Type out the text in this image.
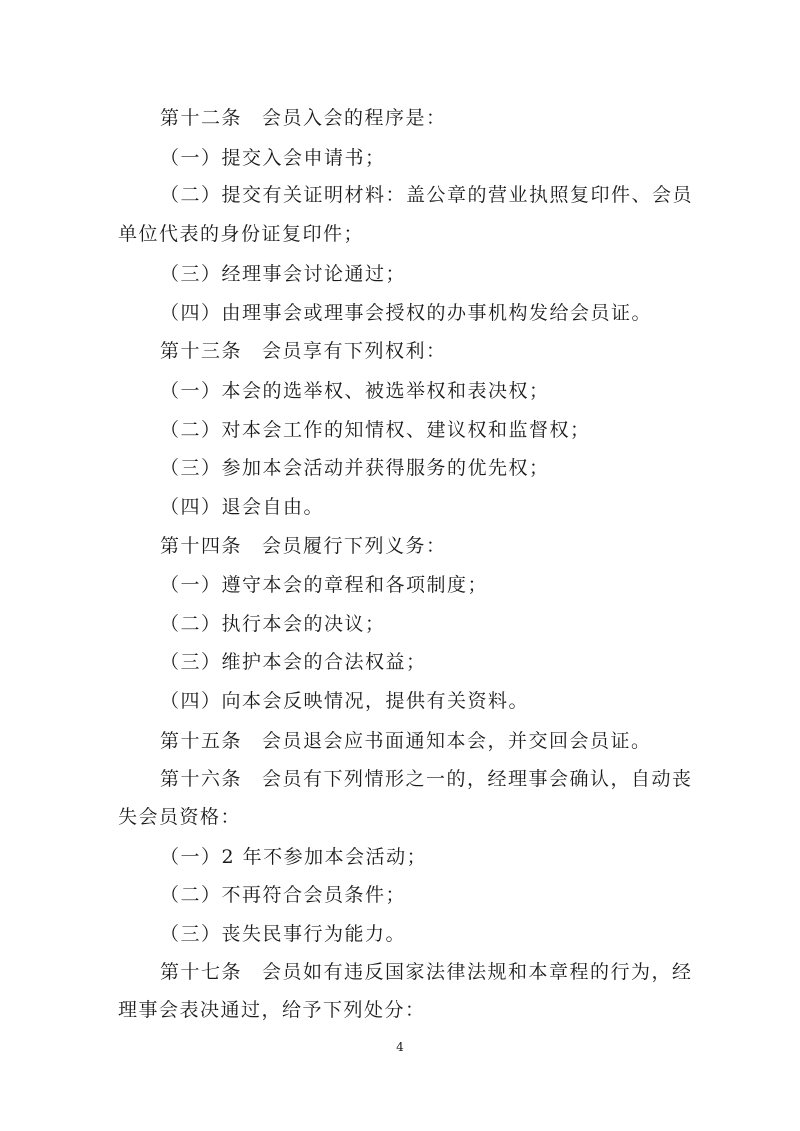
第十二条 会员入会的程序是：
（一）提交入会申请书；
（二）提交有关证明材料：盖公章的营业执照复印件、会员
单位代表的身份证复印件；
（三）经理事会讨论通过；
（四）由理事会或理事会授权的办事机构发给会员证。
第十三条 会员享有下列权利：
（一）本会的选举权、被选举权和表决权；
（二）对本会工作的知情权、建议权和监督权；
（三）参加本会活动并获得服务的优先权；
（四）退会自由。
第十四条 会员履行下列义务：
（一）遵守本会的章程和各项制度；
（二）执行本会的决议；
（三）维护本会的合法权益；
（四）向本会反映情况，提供有关资料。
第十五条 会员退会应书面通知本会，并交回会员证。
第十六条 会员有下列情形之一的，经理事会确认，自动丧
失会员资格：
（一）2 年不参加本会活动；
（二）不再符合会员条件；
（三）丧失民事行为能力。
第十七条 会员如有违反国家法律法规和本章程的行为，经
理事会表决通过，给予下列处分：
4
